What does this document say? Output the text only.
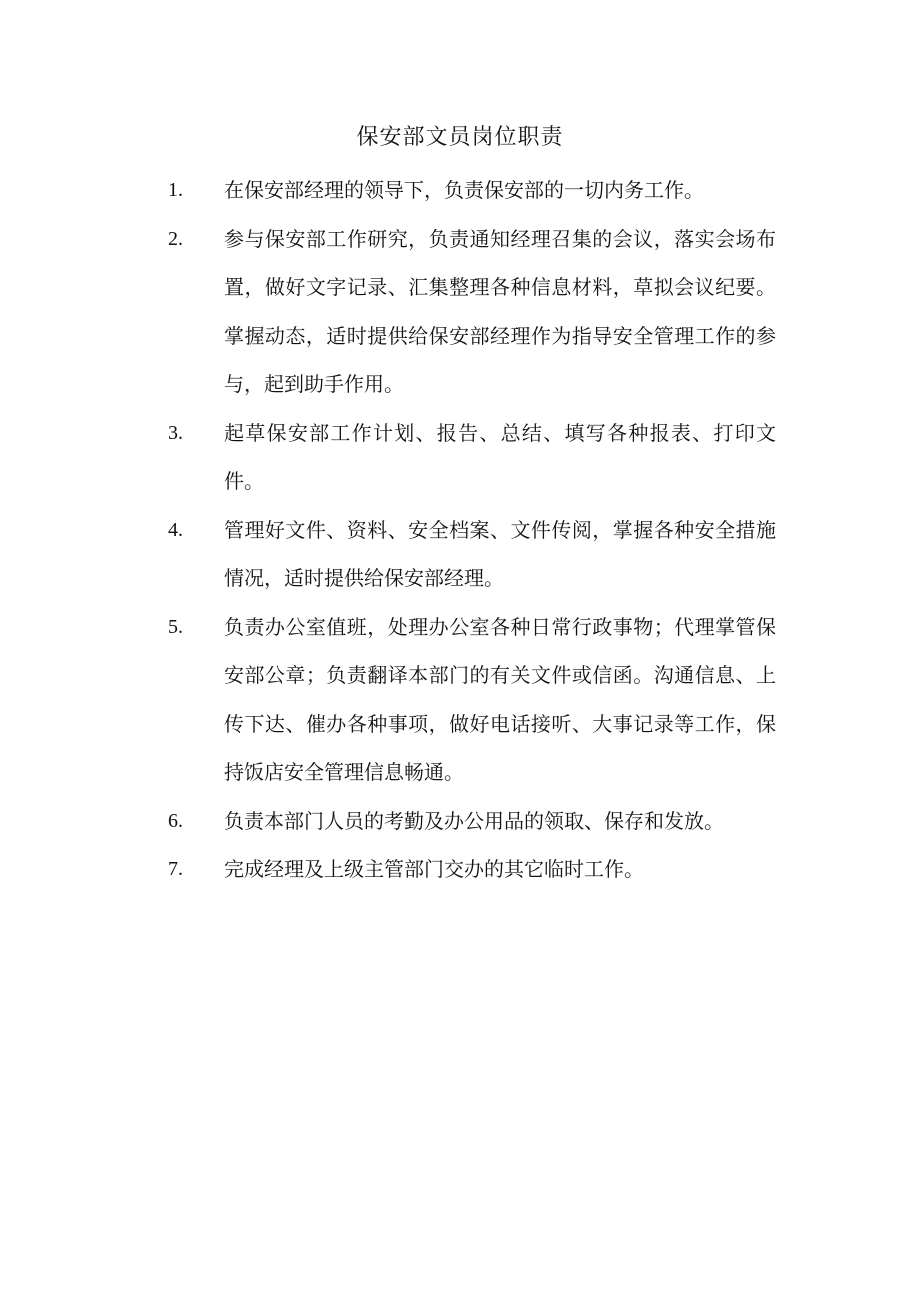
保安部文员岗位职责
1. 在保安部经理的领导下，负责保安部的一切内务工作。
2. 参与保安部工作研究，负责通知经理召集的会议，落实会场布置，做好文字记录、汇集整理各种信息材料，草拟会议纪要。掌握动态，适时提供给保安部经理作为指导安全管理工作的参与，起到助手作用。
3. 起草保安部工作计划、报告、总结、填写各种报表、打印文件。
4. 管理好文件、资料、安全档案、文件传阅，掌握各种安全措施情况，适时提供给保安部经理。
5. 负责办公室值班，处理办公室各种日常行政事物；代理掌管保安部公章；负责翻译本部门的有关文件或信函。沟通信息、上传下达、催办各种事项，做好电话接听、大事记录等工作，保持饭店安全管理信息畅通。
6. 负责本部门人员的考勤及办公用品的领取、保存和发放。
7. 完成经理及上级主管部门交办的其它临时工作。
